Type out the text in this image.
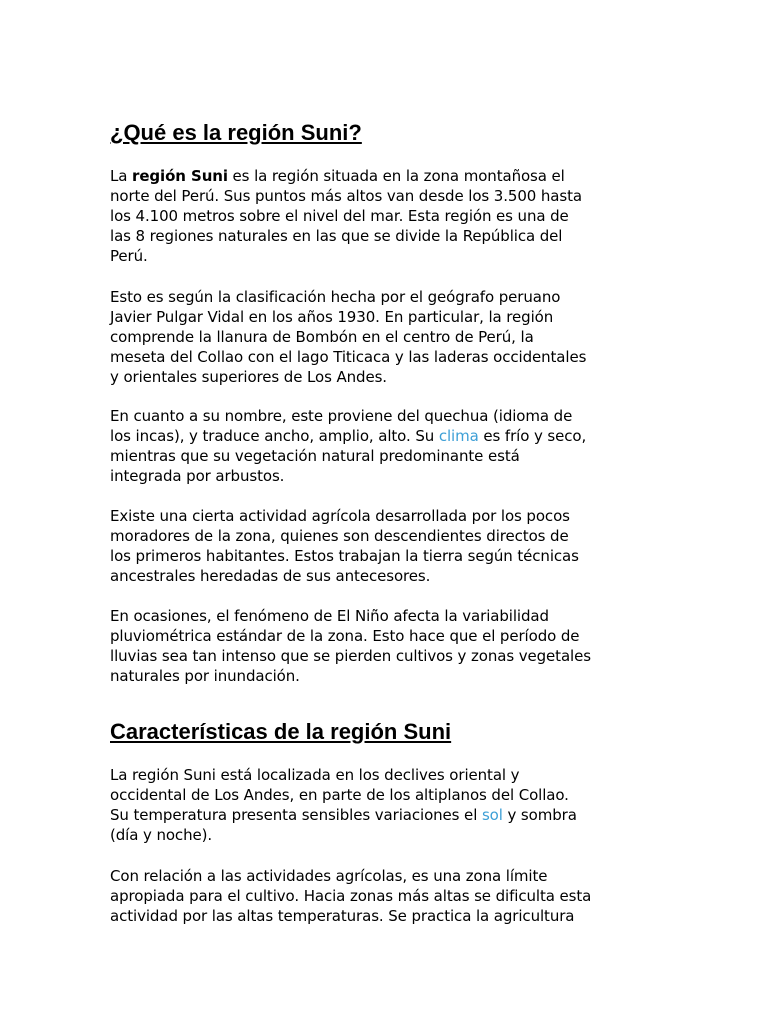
¿Qué es la región Suni?

La región Suni es la región situada en la zona montañosa el
norte del Perú. Sus puntos más altos van desde los 3.500 hasta
los 4.100 metros sobre el nivel del mar. Esta región es una de
las 8 regiones naturales en las que se divide la República del
Perú.

Esto es según la clasificación hecha por el geógrafo peruano
Javier Pulgar Vidal en los años 1930. En particular, la región
comprende la llanura de Bombón en el centro de Perú, la
meseta del Collao con el lago Titicaca y las laderas occidentales
y orientales superiores de Los Andes.

En cuanto a su nombre, este proviene del quechua (idioma de
los incas), y traduce ancho, amplio, alto. Su clima es frío y seco,
mientras que su vegetación natural predominante está
integrada por arbustos.

Existe una cierta actividad agrícola desarrollada por los pocos
moradores de la zona, quienes son descendientes directos de
los primeros habitantes. Estos trabajan la tierra según técnicas
ancestrales heredadas de sus antecesores.

En ocasiones, el fenómeno de El Niño afecta la variabilidad
pluviométrica estándar de la zona. Esto hace que el período de
lluvias sea tan intenso que se pierden cultivos y zonas vegetales
naturales por inundación.

Características de la región Suni

La región Suni está localizada en los declives oriental y
occidental de Los Andes, en parte de los altiplanos del Collao.
Su temperatura presenta sensibles variaciones el sol y sombra
(día y noche).

Con relación a las actividades agrícolas, es una zona límite
apropiada para el cultivo. Hacia zonas más altas se dificulta esta
actividad por las altas temperaturas. Se practica la agricultura
